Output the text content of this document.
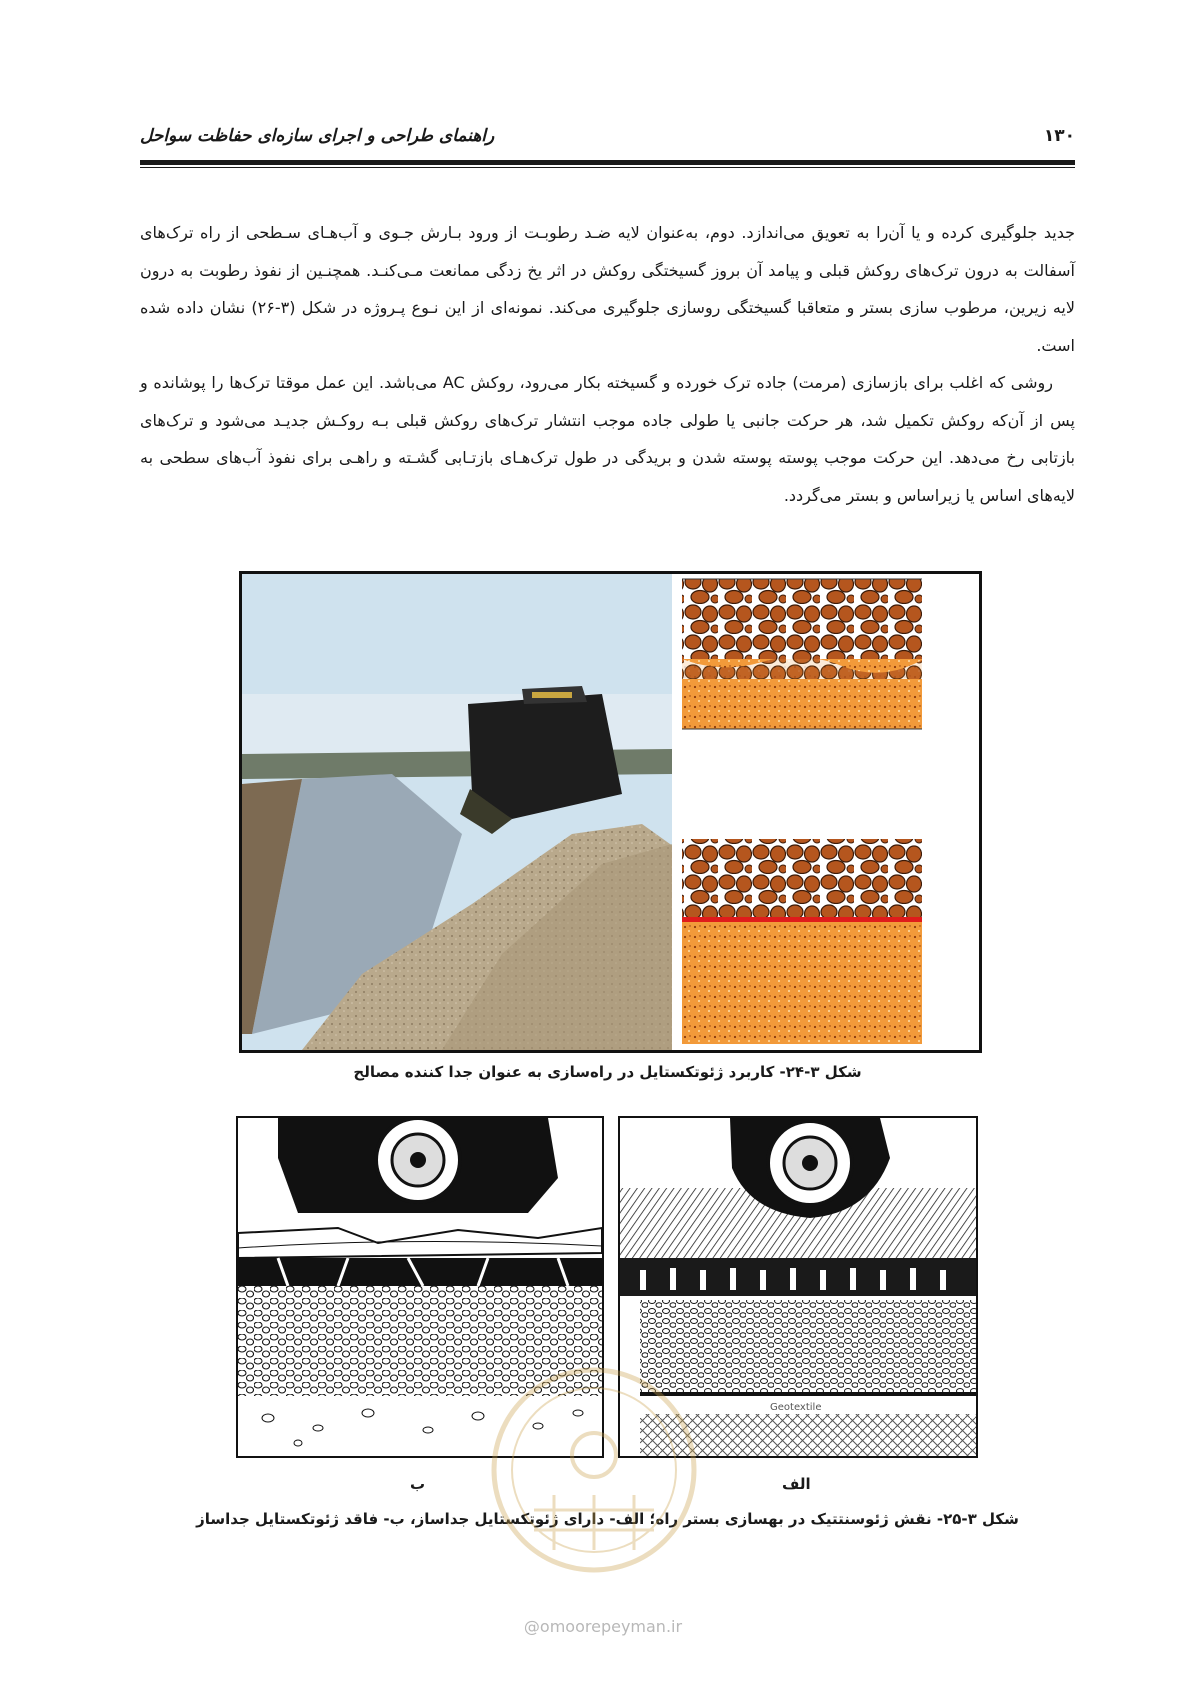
۱۳۰
راهنمای طراحی و اجرای سازه‌ای حفاظت سواحل

جدید جلوگیری کرده و یا آن‌را به تعویق می‌اندازد. دوم، به‌عنوان لایه ضـد رطوبـت از ورود بـارش جـوی و آب‌هـای سـطحی از راه ترک‌های آسفالت به درون ترک‌های روکش قبلی و پیامد آن بروز گسیختگی روکش در اثر یخ زدگی ممانعت مـی‌کنـد. همچنـین از نفوذ رطوبت به درون لایه زیرین، مرطوب سازی بستر و متعاقبا گسیختگی روسازی جلوگیری می‌کند. نمونه‌ای از این نـوع پـروژه در شکل (۳-۲۶) نشان داده شده است.

روشی که اغلب برای بازسازی (مرمت) جاده ترک خورده و گسیخته بکار می‌رود، روکش AC می‌باشد. این عمل موقتا ترک‌ها را پوشانده و پس از آن‌که روکش تکمیل شد، هر حرکت جانبی یا طولی جاده موجب انتشار ترک‌های روکش قبلی بـه روکـش جدیـد می‌شود و ترک‌های بازتابی رخ می‌دهد. این حرکت موجب پوسته پوسته شدن و بریدگی در طول ترک‌هـای بازتـابی گشـته و راهـی برای نفوذ آب‌های سطحی به لایه‌های اساس یا زیراساس و بستر می‌گردد.

شکل ۳-۲۴- کاربرد ژئوتکستایل در راه‌سازی به عنوان جدا کننده مصالح
Geotextile
الف
ب
شکل ۳-۲۵- نقش ژئوسنتتیک در بهسازی بستر راه؛ الف- دارای ژئوتکستایل جداساز، ب- فاقد ژئوتکستایل جداساز
@omoorepeyman.ir
